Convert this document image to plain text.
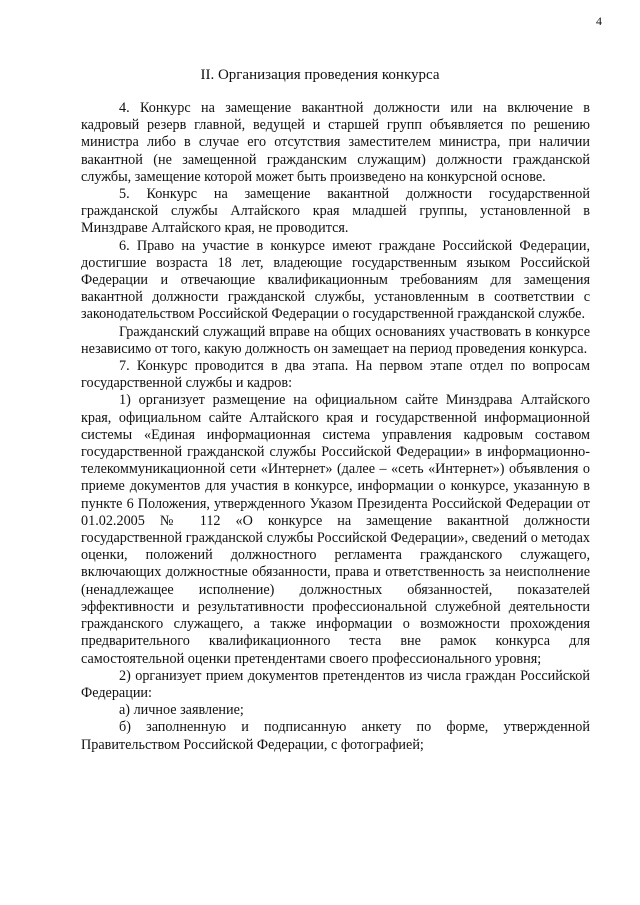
4
II. Организация проведения конкурса

4. Конкурс на замещение вакантной должности или на включение в кадровый резерв главной, ведущей и старшей групп объявляется по решению министра либо в случае его отсутствия заместителем министра, при наличии вакантной (не замещенной гражданским служащим) должности гражданской службы, замещение которой может быть произведено на конкурсной основе.

5. Конкурс на замещение вакантной должности государственной гражданской службы Алтайского края младшей группы, установленной в Минздраве Алтайского края, не проводится.

6. Право на участие в конкурсе имеют граждане Российской Федерации, достигшие возраста 18 лет, владеющие государственным языком Российской Федерации и отвечающие квалификационным требованиям для замещения вакантной должности гражданской службы, установленным в соответствии с законодательством Российской Федерации о государственной гражданской службе.

Гражданский служащий вправе на общих основаниях участвовать в конкурсе независимо от того, какую должность он замещает на период проведения конкурса.

7. Конкурс проводится в два этапа. На первом этапе отдел по вопросам государственной службы и кадров:

1) организует размещение на официальном сайте Минздрава Алтайского края, официальном сайте Алтайского края и государственной информационной системы «Единая информационная система управления кадровым составом государственной гражданской службы Российской Федерации» в информационно-телекоммуникационной сети «Интернет» (далее – «сеть «Интернет») объявления о приеме документов для участия в конкурсе, информации о конкурсе, указанную в пункте 6 Положения, утвержденного Указом Президента Российской Федерации от 01.02.2005 № 112 «О конкурсе на замещение вакантной должности государственной гражданской службы Российской Федерации», сведений о методах оценки, положений должностного регламента гражданского служащего, включающих должностные обязанности, права и ответственность за неисполнение (ненадлежащее исполнение) должностных обязанностей, показателей эффективности и результативности профессиональной служебной деятельности гражданского служащего, а также информации о возможности прохождения предварительного квалификационного теста вне рамок конкурса для самостоятельной оценки претендентами своего профессионального уровня;

2) организует прием документов претендентов из числа граждан Российской Федерации:

а) личное заявление;

б) заполненную и подписанную анкету по форме, утвержденной Правительством Российской Федерации, с фотографией;
